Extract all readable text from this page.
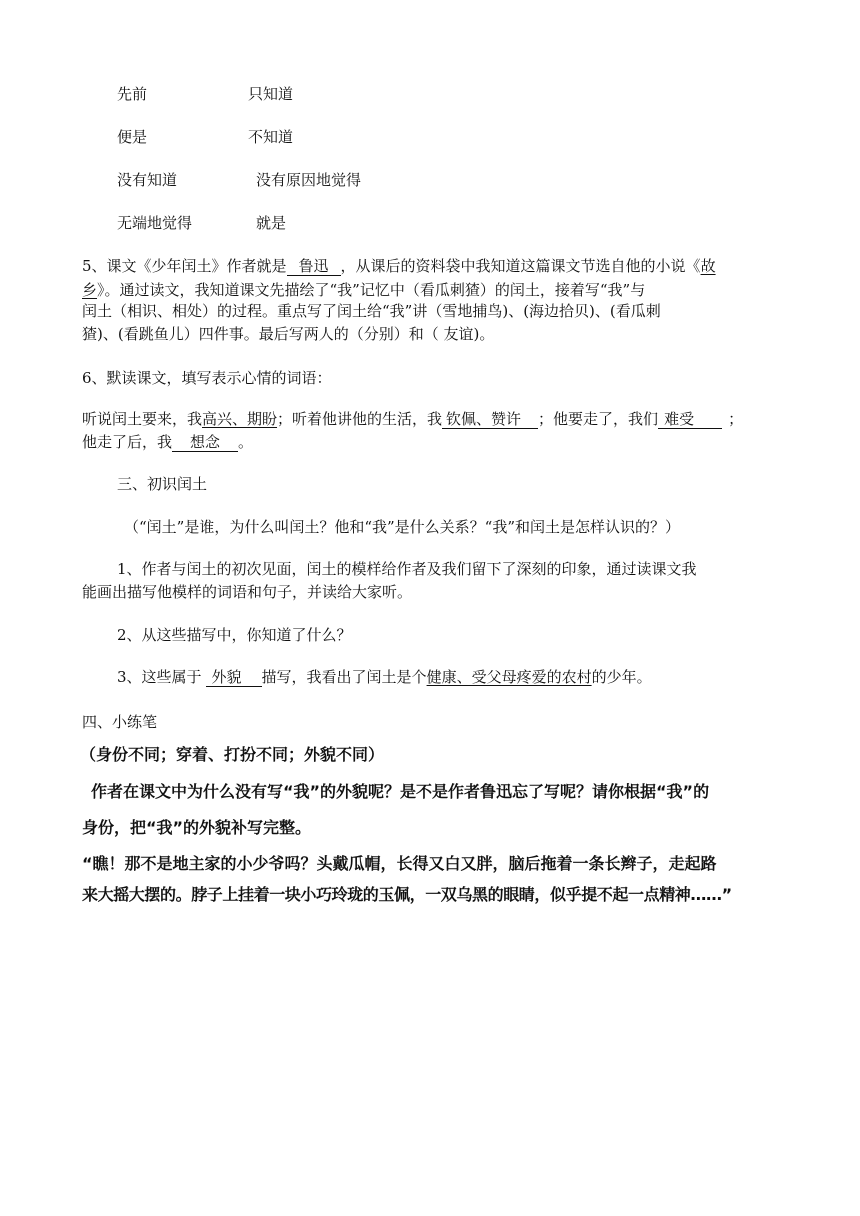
先前	只知道
便是	不知道
没有知道	没有原因地觉得
无端地觉得	就是
5、课文《少年闰土》作者就是 鲁迅 ，从课后的资料袋中我知道这篇课文节选自他的小说《故
乡》。通过读文，我知道课文先描绘了“我”记忆中（看瓜刺猹）的闰土，接着写“我”与
闰土（相识、相处）的过程。重点写了闰土给“我”讲（雪地捕鸟)、(海边拾贝)、(看瓜刺
猹)、(看跳鱼儿）四件事。最后写两人的（分别）和（ 友谊)。
6、默读课文，填写表示心情的词语：
听说闰土要来，我高兴、期盼；听着他讲他的生活，我 钦佩、赞许 ；他要走了，我们 难受 ；
他走了后，我 想念 。
三、初识闰土
（“闰土”是谁，为什么叫闰土？他和“我”是什么关系？“我”和闰土是怎样认识的？）
1、作者与闰土的初次见面，闰土的模样给作者及我们留下了深刻的印象，通过读课文我
能画出描写他模样的词语和句子，并读给大家听。
2、从这些描写中，你知道了什么？
3、这些属于 外貌 描写，我看出了闰土是个健康、受父母疼爱的农村的少年。
四、小练笔
（身份不同；穿着、打扮不同；外貌不同）
作者在课文中为什么没有写“我”的外貌呢？是不是作者鲁迅忘了写呢？请你根据“我”的
身份，把“我”的外貌补写完整。
“瞧！那不是地主家的小少爷吗？头戴瓜帽，长得又白又胖，脑后拖着一条长辫子，走起路
来大摇大摆的。脖子上挂着一块小巧玲珑的玉佩，一双乌黑的眼睛，似乎提不起一点精神……”
